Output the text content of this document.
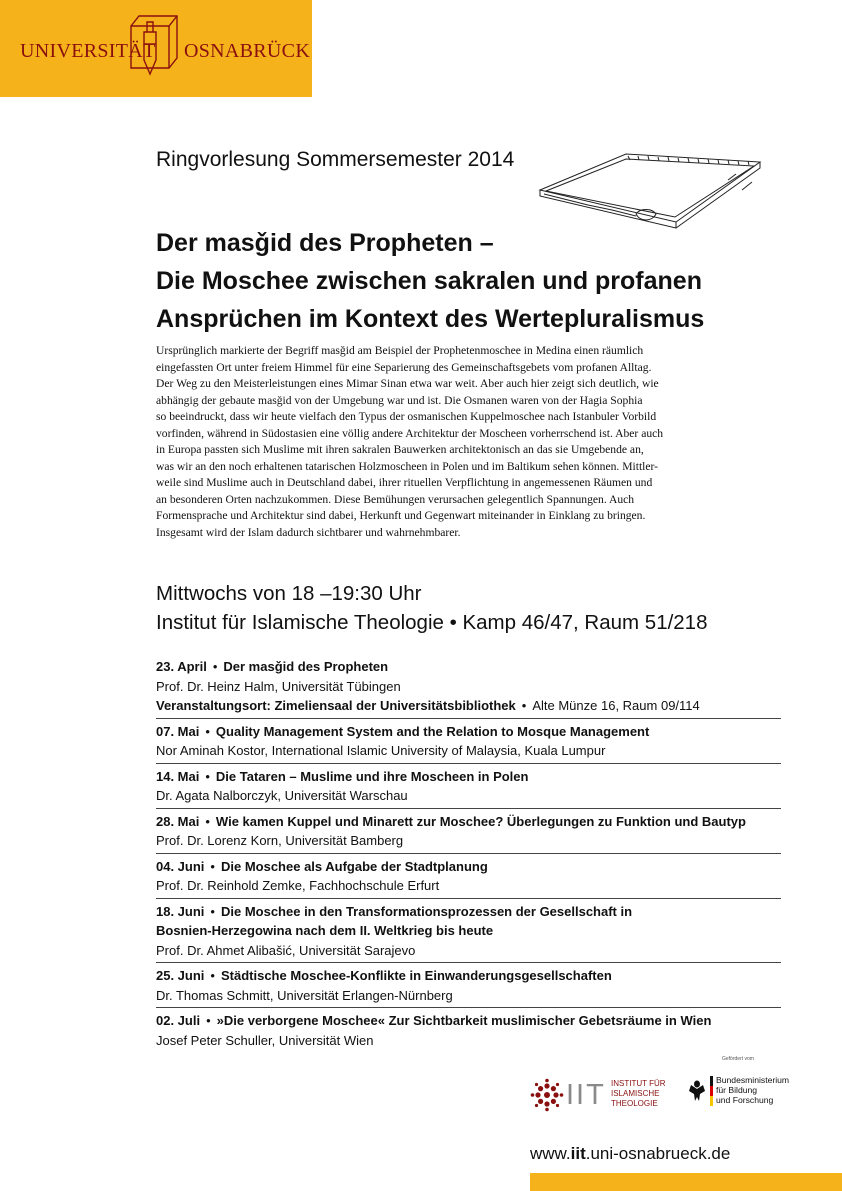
UNIVERSITÄT OSNABRÜCK
Ringvorlesung Sommersemester 2014
Der masǧid des Propheten –
Die Moschee zwischen sakralen und profanen
Ansprüchen im Kontext des Wertepluralismus
Ursprünglich markierte der Begriff masǧid am Beispiel der Prophetenmoschee in Medina einen räumlich
eingefassten Ort unter freiem Himmel für eine Separierung des Gemeinschaftsgebets vom profanen Alltag.
Der Weg zu den Meisterleistungen eines Mimar Sinan etwa war weit. Aber auch hier zeigt sich deutlich, wie
abhängig der gebaute masǧid von der Umgebung war und ist. Die Osmanen waren von der Hagia Sophia
so beeindruckt, dass wir heute vielfach den Typus der osmanischen Kuppelmoschee nach Istanbuler Vorbild
vorfinden, während in Südostasien eine völlig andere Architektur der Moscheen vorherrschend ist. Aber auch
in Europa passten sich Muslime mit ihren sakralen Bauwerken architektonisch an das sie Umgebende an,
was wir an den noch erhaltenen tatarischen Holzmoscheen in Polen und im Baltikum sehen können. Mittler-
weile sind Muslime auch in Deutschland dabei, ihrer rituellen Verpflichtung in angemessenen Räumen und
an besonderen Orten nachzukommen. Diese Bemühungen verursachen gelegentlich Spannungen. Auch
Formensprache und Architektur sind dabei, Herkunft und Gegenwart miteinander in Einklang zu bringen.
Insgesamt wird der Islam dadurch sichtbarer und wahrnehmbarer.
Mittwochs von 18 –19:30 Uhr
Institut für Islamische Theologie • Kamp 46/47, Raum 51/218
23. April • Der masǧid des Propheten
Prof. Dr. Heinz Halm, Universität Tübingen
Veranstaltungsort: Zimeliensaal der Universitätsbibliothek • Alte Münze 16, Raum 09/114
07. Mai • Quality Management System and the Relation to Mosque Management
Nor Aminah Kostor, International Islamic University of Malaysia, Kuala Lumpur
14. Mai • Die Tataren – Muslime und ihre Moscheen in Polen
Dr. Agata Nalborczyk, Universität Warschau
28. Mai • Wie kamen Kuppel und Minarett zur Moschee? Überlegungen zu Funktion und Bautyp
Prof. Dr. Lorenz Korn, Universität Bamberg
04. Juni • Die Moschee als Aufgabe der Stadtplanung
Prof. Dr. Reinhold Zemke, Fachhochschule Erfurt
18. Juni • Die Moschee in den Transformationsprozessen der Gesellschaft in
Bosnien-Herzegowina nach dem II. Weltkrieg bis heute
Prof. Dr. Ahmet Alibašić, Universität Sarajevo
25. Juni • Städtische Moschee-Konflikte in Einwanderungsgesellschaften
Dr. Thomas Schmitt, Universität Erlangen-Nürnberg
02. Juli • »Die verborgene Moschee« Zur Sichtbarkeit muslimischer Gebetsräume in Wien
Josef Peter Schuller, Universität Wien
Gefördert vom
IIT INSTITUT FÜR
ISLAMISCHE
THEOLOGIE
Bundesministerium
für Bildung
und Forschung
www.iit.uni-osnabrueck.de
